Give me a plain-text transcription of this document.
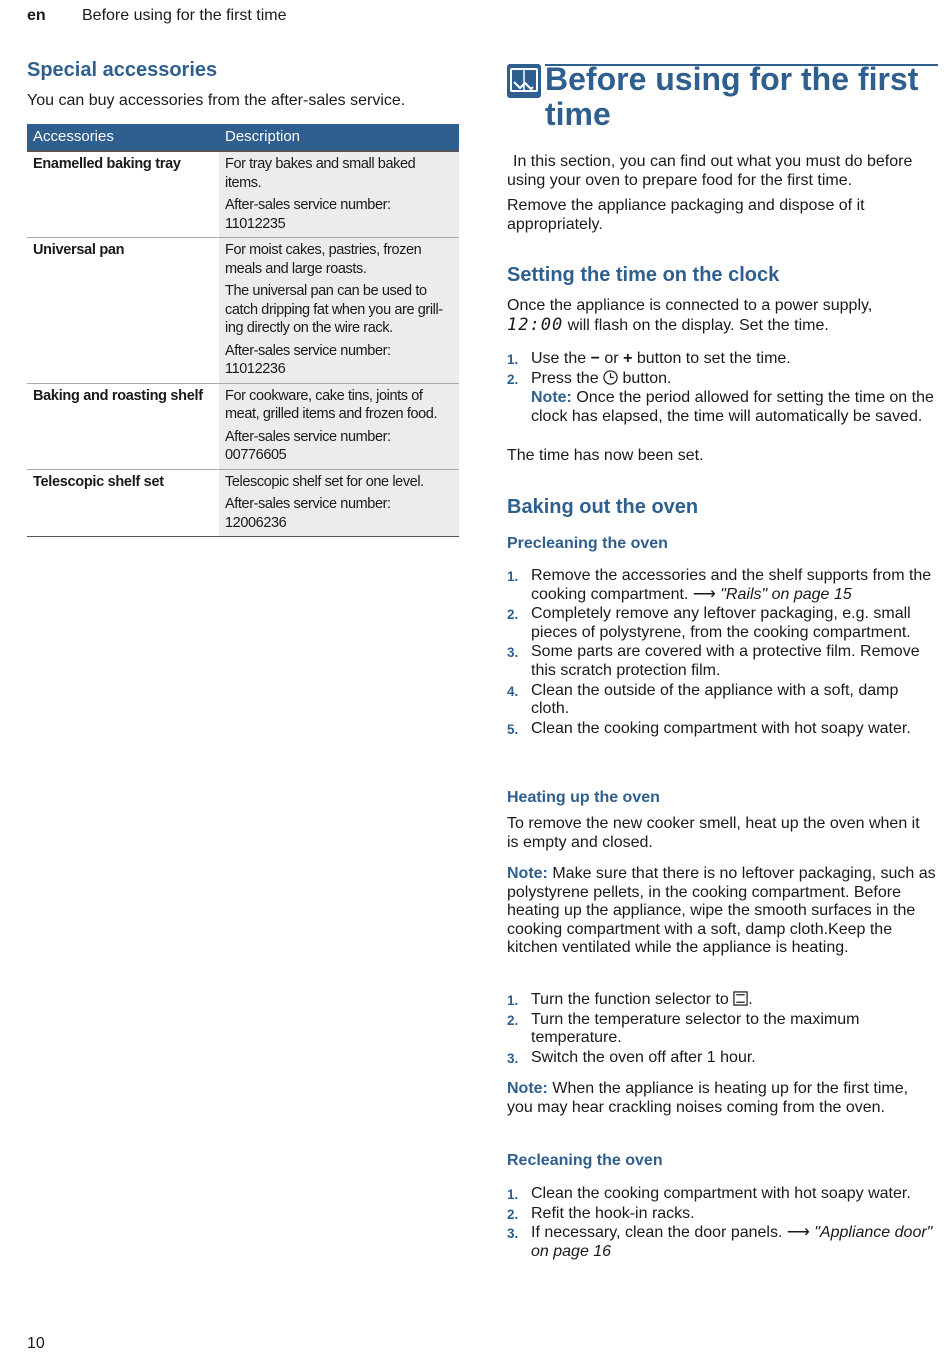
en Before using for the first time
Special accessories
You can buy accessories from the after-sales service.
Accessories	Description
Enamelled baking tray	For tray bakes and small baked items.

After-sales service number: 11012235

Universal pan	For moist cakes, pastries, frozen meals and large roasts.

The universal pan can be used to catch dripping fat when you are grill-ing directly on the wire rack.

After-sales service number: 11012236

Baking and roasting shelf	For cookware, cake tins, joints of meat, grilled items and frozen food.

After-sales service number: 00776605

Telescopic shelf set	Telescopic shelf set for one level.

After-sales service number: 12006236

Before using for the first time
In this section, you can find out what you must do before using your oven to prepare food for the first time.
Remove the appliance packaging and dispose of it appropriately.
Setting the time on the clock
Once the appliance is connected to a power supply,
12:00 will flash on the display. Set the time.
1. Use the − or + button to set the time.
2. Press the button.
Note: Once the period allowed for setting the time on the clock has elapsed, the time will automatically be saved.
The time has now been set.
Baking out the oven
Precleaning the oven
1. Remove the accessories and the shelf supports from the cooking compartment. ⟶ "Rails" on page 15
2. Completely remove any leftover packaging, e.g. small pieces of polystyrene, from the cooking compartment.
3. Some parts are covered with a protective film. Remove this scratch protection film.
4. Clean the outside of the appliance with a soft, damp cloth.
5. Clean the cooking compartment with hot soapy water.
Heating up the oven
To remove the new cooker smell, heat up the oven when it is empty and closed.
Note: Make sure that there is no leftover packaging, such as polystyrene pellets, in the cooking compartment. Before heating up the appliance, wipe the smooth surfaces in the cooking compartment with a soft, damp cloth.Keep the kitchen ventilated while the appliance is heating.
1. Turn the function selector to .
2. Turn the temperature selector to the maximum temperature.
3. Switch the oven off after 1 hour.
Note: When the appliance is heating up for the first time, you may hear crackling noises coming from the oven.
Recleaning the oven
1. Clean the cooking compartment with hot soapy water.
2. Refit the hook-in racks.
3. If necessary, clean the door panels. ⟶ "Appliance door" on page 16
10
